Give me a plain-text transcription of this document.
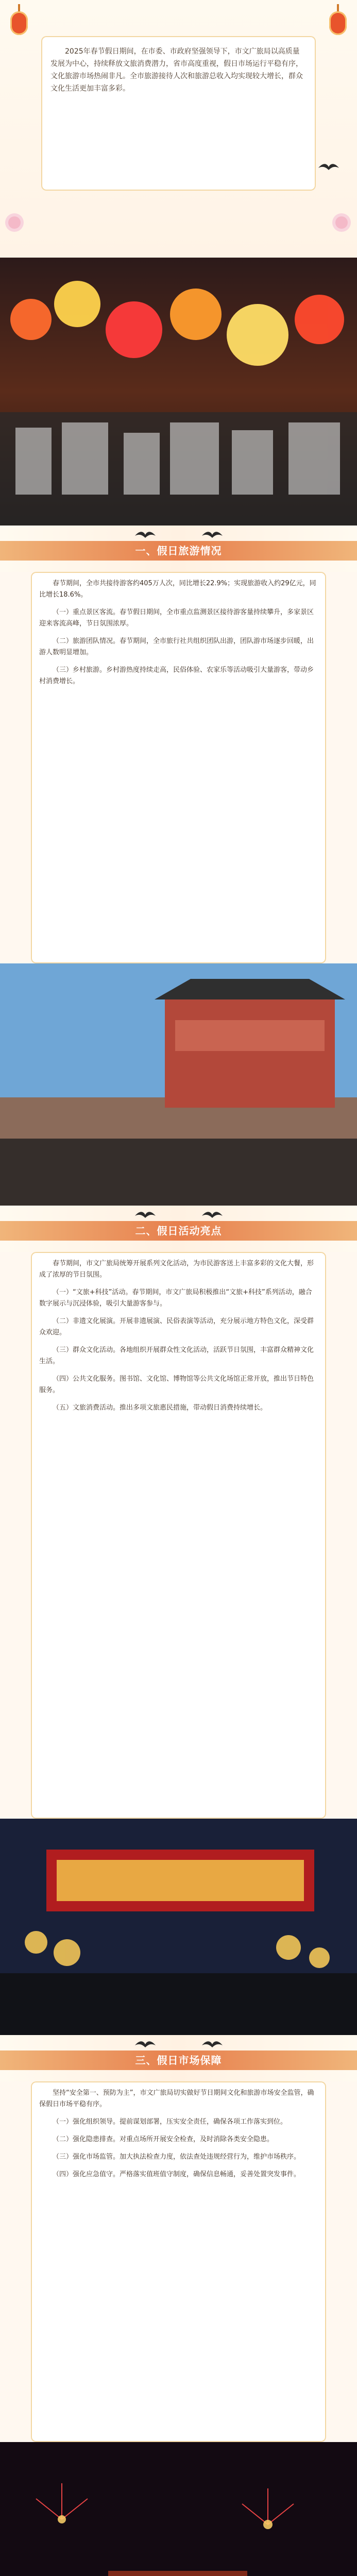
2025年春节假日期间，在市委、市政府坚强领导下，市文广旅局以高质量发展为中心，持续释放文旅消费潜力，省市高度重视，假日市场运行平稳有序，文化旅游市场热闹非凡。全市旅游接待人次和旅游总收入均实现较大增长，群众文化生活更加丰富多彩。

一、假日旅游情况

春节期间，全市共接待游客约405万人次，同比增长22.9%；实现旅游收入约29亿元，同比增长18.6%。

（一）重点景区客流。春节假日期间，全市重点监测景区接待游客量持续攀升，多家景区迎来客流高峰，节日氛围浓厚。

（二）旅游团队情况。春节期间，全市旅行社共组织团队出游，团队游市场逐步回暖，出游人数明显增加。

（三）乡村旅游。乡村游热度持续走高，民俗体验、农家乐等活动吸引大量游客，带动乡村消费增长。

二、假日活动亮点

春节期间，市文广旅局统筹开展系列文化活动，为市民游客送上丰富多彩的文化大餐，形成了浓厚的节日氛围。

（一）“文旅+科技”活动。春节期间，市文广旅局积极推出“文旅+科技”系列活动，融合数字展示与沉浸体验，吸引大量游客参与。

（二）非遗文化展演。开展非遗展演、民俗表演等活动，充分展示地方特色文化，深受群众欢迎。

（三）群众文化活动。各地组织开展群众性文化活动，活跃节日氛围，丰富群众精神文化生活。

（四）公共文化服务。图书馆、文化馆、博物馆等公共文化场馆正常开放，推出节日特色服务。

（五）文旅消费活动。推出多项文旅惠民措施，带动假日消费持续增长。

三、假日市场保障

坚持“安全第一、预防为主”，市文广旅局切实做好节日期间文化和旅游市场安全监管，确保假日市场平稳有序。

（一）强化组织领导。提前谋划部署，压实安全责任，确保各项工作落实到位。

（二）强化隐患排查。对重点场所开展安全检查，及时消除各类安全隐患。

（三）强化市场监管。加大执法检查力度，依法查处违规经营行为，维护市场秩序。

（四）强化应急值守。严格落实值班值守制度，确保信息畅通，妥善处置突发事件。
